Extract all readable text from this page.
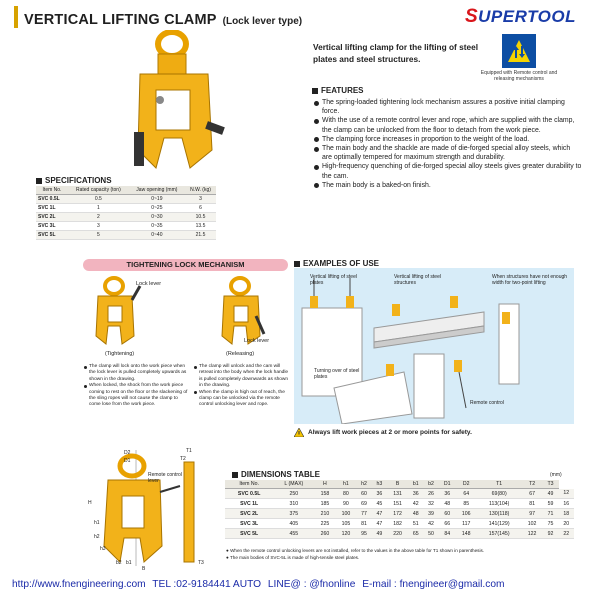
VERTICAL LIFTING CLAMP (Lock lever type)	S UPERTOOL
Vertical lifting clamp for the lifting of steel plates and steel structures.
Equipped with Remote control and releasing mechanisms
FEATURES
The spring-loaded tightening lock mechanism assures a positive initial clamping force.
With the use of a remote control lever and rope, which are supplied with the clamp, the clamp can be unlocked from the floor to detach from the work piece.
The clamping force increases in proportion to the weight of the load.
The main body and the shackle are made of die-forged special alloy steels, which are optimally tempered for maximum strength and durability.
High-frequency quenching of die-forged special alloy steels gives greater durability to the cam.
The main body is a baked-on finish.
SPECIFICATIONS
Item No.	Rated capacity (ton)	Jaw opening (mm)	N.W. (kg)
SVC 0.5L	0.5	0~19	3
SVC 1L	1	0~25	6
SVC 2L	2	0~30	10.5
SVC 3L	3	0~35	13.5
SVC 5L	5	0~40	21.5
TIGHTENING LOCK MECHANISM
Lock lever
(Tightening)
Lock lever
(Releasing)
The clamp will lock onto the work piece when the lock lever is pulled completely upwards as shown in the drawing.
When locked, the shock from the work piece coming to rest on the floor or the slackening of the sling ropes will not cause the clamp to come lose from the work piece.
The clamp will unlock and the cam will retreat into the body when the lock handle is pulled completely downwards as shown in the drawing.
When the clamp is high out of reach, the clamp can be unlocked via the remote control unlocking lever and rope.
EXAMPLES OF USE
Vertical lifting of steel plates
Vertical lifting of steel structures
When structures have not enough width for two-point lifting
Turning over of steel plates
Remote control
Always lift work pieces at 2 or more points for safety.
Remote control lever
D2
D1
T1
T2
b2 b1
B
H
h1
h2
h3
T3
DIMENSIONS TABLE	(mm)
Item No.	L (MAX)	H	h1	h2	h3	B	b1	b2	D1	D2	T1	T2	T3	
SVC 0.5L	250	158	80	60	36	131	36	26	36	64	69(80)	67	49	12
SVC 1L	310	185	90	69	45	151	42	32	48	85	113(104)	81	59	16
SVC 2L	375	210	100	77	47	172	48	39	60	106	130(118)	97	71	18
SVC 3L	405	225	105	81	47	182	51	42	66	117	141(129)	102	75	20
SVC 5L	455	260	120	95	49	220	65	50	84	148	157(145)	122	92	22
● When the remote control unlocking levers are not installed, refer to the values in the above table for T1 shown in parenthesis.
● The main bodies of SVC-5L is made of high-tensile steel plates.
http://www.fnengineering.com TEL :02-9184441 AUTO LINE@ : @fnonline E-mail : fnengineer@gmail.com
